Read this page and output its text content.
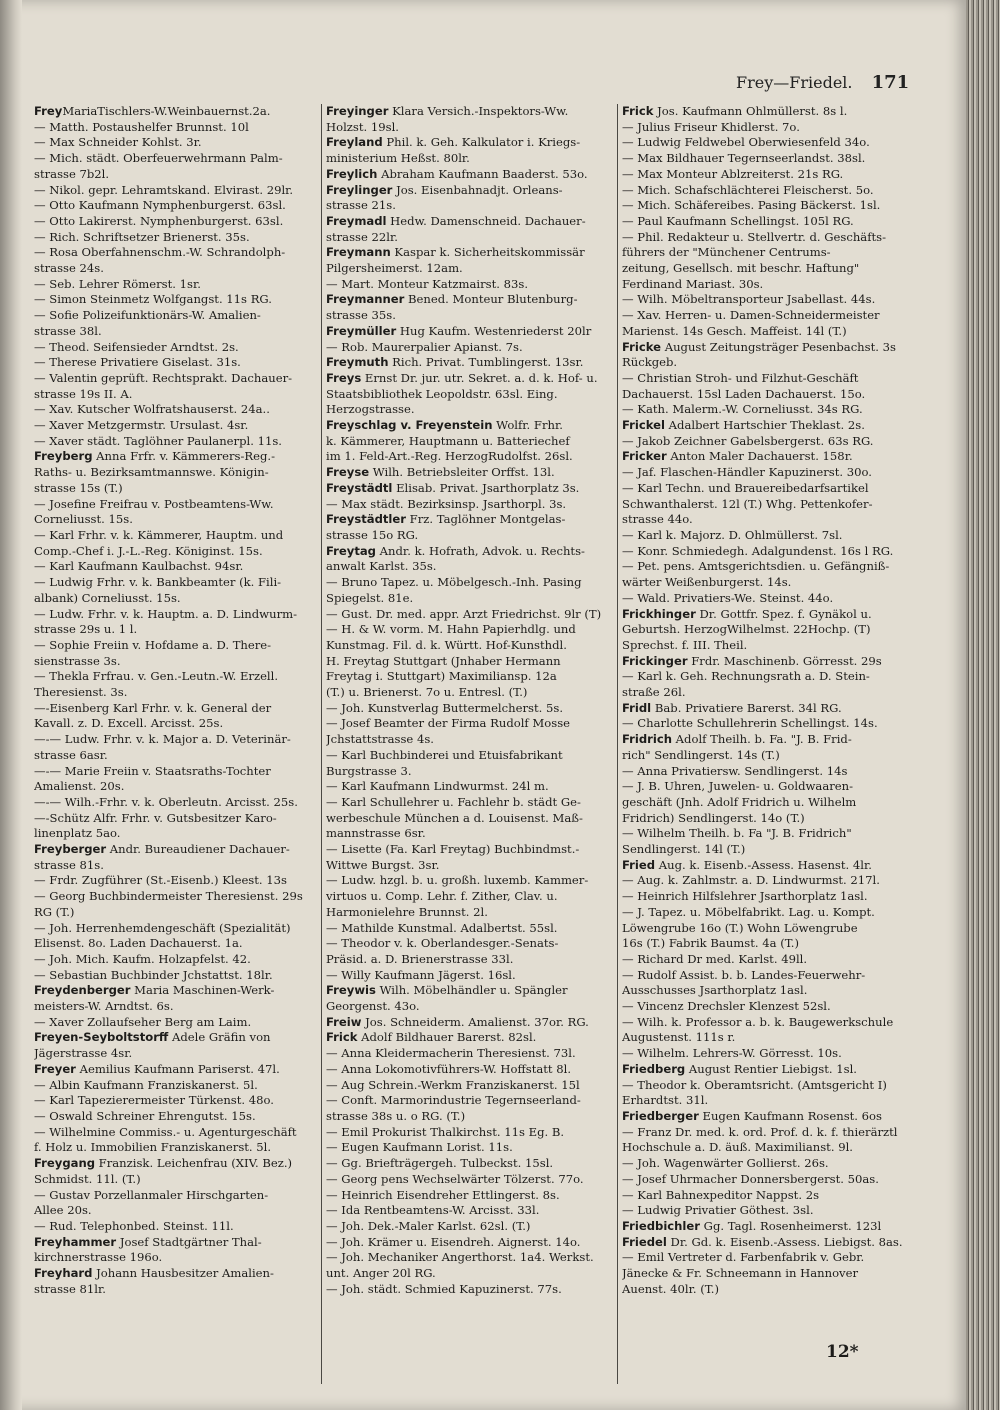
Frey—Friedel. 171
FreyMariaTischlers-W.Weinbauernst.2a.
— Matth. Postaushelfer Brunnst. 10l
— Max Schneider Kohlst. 3r.
— Mich. städt. Oberfeuerwehrmann Palm-
strasse 7b2l.
— Nikol. gepr. Lehramtskand. Elvirast. 29lr.
— Otto Kaufmann Nymphenburgerst. 63sl.
— Otto Lakirerst. Nymphenburgerst. 63sl.
— Rich. Schriftsetzer Brienerst. 35s.
— Rosa Oberfahnenschm.-W. Schrandolph-
strasse 24s.
— Seb. Lehrer Römerst. 1sr.
— Simon Steinmetz Wolfgangst. 11s RG.
— Sofie Polizeifunktionärs-W. Amalien-
strasse 38l.
— Theod. Seifensieder Arndtst. 2s.
— Therese Privatiere Giselast. 31s.
— Valentin geprüft. Rechtsprakt. Dachauer-
strasse 19s II. A.
— Xav. Kutscher Wolfratshauserst. 24a..
— Xaver Metzgermstr. Ursulast. 4sr.
— Xaver städt. Taglöhner Paulanerpl. 11s.
Freyberg Anna Frfr. v. Kämmerers-Reg.-
Raths- u. Bezirksamtmannswe. Königin-
strasse 15s (T.)
— Josefine Freifrau v. Postbeamtens-Ww.
Corneliusst. 15s.
— Karl Frhr. v. k. Kämmerer, Hauptm. und
Comp.-Chef i. J.-L.-Reg. Königinst. 15s.
— Karl Kaufmann Kaulbachst. 94sr.
— Ludwig Frhr. v. k. Bankbeamter (k. Fili-
albank) Corneliusst. 15s.
— Ludw. Frhr. v. k. Hauptm. a. D. Lindwurm-
strasse 29s u. 1 l.
— Sophie Freiin v. Hofdame a. D. There-
sienstrasse 3s.
— Thekla Frfrau. v. Gen.-Leutn.-W. Erzell.
Theresienst. 3s.
—-Eisenberg Karl Frhr. v. k. General der
Kavall. z. D. Excell. Arcisst. 25s.
—-— Ludw. Frhr. v. k. Major a. D. Veterinär-
strasse 6asr.
—-— Marie Freiin v. Staatsraths-Tochter
Amalienst. 20s.
—-— Wilh.-Frhr. v. k. Oberleutn. Arcisst. 25s.
—-Schütz Alfr. Frhr. v. Gutsbesitzer Karo-
linenplatz 5ao.
Freyberger Andr. Bureaudiener Dachauer-
strasse 81s.
— Frdr. Zugführer (St.-Eisenb.) Kleest. 13s
— Georg Buchbindermeister Theresienst. 29s
RG (T.)
— Joh. Herrenhemdengeschäft (Spezialität)
Elisenst. 8o. Laden Dachauerst. 1a.
— Joh. Mich. Kaufm. Holzapfelst. 42.
— Sebastian Buchbinder Jchstattst. 18lr.
Freydenberger Maria Maschinen-Werk-
meisters-W. Arndtst. 6s.
— Xaver Zollaufseher Berg am Laim.
Freyen-Seyboltstorff Adele Gräfin von
Jägerstrasse 4sr.
Freyer Aemilius Kaufmann Pariserst. 47l.
— Albin Kaufmann Franziskanerst. 5l.
— Karl Tapezierermeister Türkenst. 48o.
— Oswald Schreiner Ehrengutst. 15s.
— Wilhelmine Commiss.- u. Agenturgeschäft
f. Holz u. Immobilien Franziskanerst. 5l.
Freygang Franzisk. Leichenfrau (XIV. Bez.)
Schmidst. 11l. (T.)
— Gustav Porzellanmaler Hirschgarten-
Allee 20s.
— Rud. Telephonbed. Steinst. 11l.
Freyhammer Josef Stadtgärtner Thal-
kirchnerstrasse 196o.
Freyhard Johann Hausbesitzer Amalien-
strasse 81lr.
Freyinger Klara Versich.-Inspektors-Ww.
Holzst. 19sl.
Freyland Phil. k. Geh. Kalkulator i. Kriegs-
ministerium Heßst. 80lr.
Freylich Abraham Kaufmann Baaderst. 53o.
Freylinger Jos. Eisenbahnadjt. Orleans-
strasse 21s.
Freymadl Hedw. Damenschneid. Dachauer-
strasse 22lr.
Freymann Kaspar k. Sicherheitskommissär
Pilgersheimerst. 12am.
— Mart. Monteur Katzmairst. 83s.
Freymanner Bened. Monteur Blutenburg-
strasse 35s.
Freymüller Hug Kaufm. Westenriederst 20lr
— Rob. Maurerpalier Apianst. 7s.
Freymuth Rich. Privat. Tumblingerst. 13sr.
Freys Ernst Dr. jur. utr. Sekret. a. d. k. Hof- u.
Staatsbibliothek Leopoldstr. 63sl. Eing.
Herzogstrasse.
Freyschlag v. Freyenstein Wolfr. Frhr.
k. Kämmerer, Hauptmann u. Batteriechef
im 1. Feld-Art.-Reg. HerzogRudolfst. 26sl.
Freyse Wilh. Betriebsleiter Orffst. 13l.
Freystädtl Elisab. Privat. Jsarthorplatz 3s.
— Max städt. Bezirksinsp. Jsarthorpl. 3s.
Freystädtler Frz. Taglöhner Montgelas-
strasse 15o RG.
Freytag Andr. k. Hofrath, Advok. u. Rechts-
anwalt Karlst. 35s.
— Bruno Tapez. u. Möbelgesch.-Inh. Pasing
Spiegelst. 81e.
— Gust. Dr. med. appr. Arzt Friedrichst. 9lr (T)
— H. & W. vorm. M. Hahn Papierhdlg. und
Kunstmag. Fil. d. k. Württ. Hof-Kunsthdl.
H. Freytag Stuttgart (Jnhaber Hermann
Freytag i. Stuttgart) Maximiliansp. 12a
(T.) u. Brienerst. 7o u. Entresl. (T.)
— Joh. Kunstverlag Buttermelcherst. 5s.
— Josef Beamter der Firma Rudolf Mosse
Jchstattstrasse 4s.
— Karl Buchbinderei und Etuisfabrikant
Burgstrasse 3.
— Karl Kaufmann Lindwurmst. 24l m.
— Karl Schullehrer u. Fachlehr b. städt Ge-
werbeschule München a d. Louisenst. Maß-
mannstrasse 6sr.
— Lisette (Fa. Karl Freytag) Buchbindmst.-
Wittwe Burgst. 3sr.
— Ludw. hzgl. b. u. großh. luxemb. Kammer-
virtuos u. Comp. Lehr. f. Zither, Clav. u.
Harmonielehre Brunnst. 2l.
— Mathilde Kunstmal. Adalbertst. 55sl.
— Theodor v. k. Oberlandesger.-Senats-
Präsid. a. D. Brienerstrasse 33l.
— Willy Kaufmann Jägerst. 16sl.
Freywis Wilh. Möbelhändler u. Spängler
Georgenst. 43o.
Freiw Jos. Schneiderm. Amalienst. 37or. RG.
Frick Adolf Bildhauer Barerst. 82sl.
— Anna Kleidermacherin Theresienst. 73l.
— Anna Lokomotivführers-W. Hoffstatt 8l.
— Aug Schrein.-Werkm Franziskanerst. 15l
— Conft. Marmorindustrie Tegernseerland-
strasse 38s u. o RG. (T.)
— Emil Prokurist Thalkirchst. 11s Eg. B.
— Eugen Kaufmann Lorist. 11s.
— Gg. Briefträgergeh. Tulbeckst. 15sl.
— Georg pens Wechselwärter Tölzerst. 77o.
— Heinrich Eisendreher Ettlingerst. 8s.
— Ida Rentbeamtens-W. Arcisst. 33l.
— Joh. Dek.-Maler Karlst. 62sl. (T.)
— Joh. Krämer u. Eisendreh. Aignerst. 14o.
— Joh. Mechaniker Angerthorst. 1a4. Werkst.
unt. Anger 20l RG.
— Joh. städt. Schmied Kapuzinerst. 77s.
Frick Jos. Kaufmann Ohlmüllerst. 8s l.
— Julius Friseur Khidlerst. 7o.
— Ludwig Feldwebel Oberwiesenfeld 34o.
— Max Bildhauer Tegernseerlandst. 38sl.
— Max Monteur Ablzreiterst. 21s RG.
— Mich. Schafschlächterei Fleischerst. 5o.
— Mich. Schäfereibes. Pasing Bäckerst. 1sl.
— Paul Kaufmann Schellingst. 105l RG.
— Phil. Redakteur u. Stellvertr. d. Geschäfts-
führers der "Münchener Centrums-
zeitung, Gesellsch. mit beschr. Haftung"
Ferdinand Mariast. 30s.
— Wilh. Möbeltransporteur Jsabellast. 44s.
— Xav. Herren- u. Damen-Schneidermeister
Marienst. 14s Gesch. Maffeist. 14l (T.)
Fricke August Zeitungsträger Pesenbachst. 3s
Rückgeb.
— Christian Stroh- und Filzhut-Geschäft
Dachauerst. 15sl Laden Dachauerst. 15o.
— Kath. Malerm.-W. Corneliusst. 34s RG.
Frickel Adalbert Hartschier Theklast. 2s.
— Jakob Zeichner Gabelsbergerst. 63s RG.
Fricker Anton Maler Dachauerst. 158r.
— Jaf. Flaschen-Händler Kapuzinerst. 30o.
— Karl Techn. und Brauereibedarfsartikel
Schwanthalerst. 12l (T.) Whg. Pettenkofer-
strasse 44o.
— Karl k. Majorz. D. Ohlmüllerst. 7sl.
— Konr. Schmiedegh. Adalgundenst. 16s l RG.
— Pet. pens. Amtsgerichtsdien. u. Gefängniß-
wärter Weißenburgerst. 14s.
— Wald. Privatiers-We. Steinst. 44o.
Frickhinger Dr. Gottfr. Spez. f. Gynäkol u.
Geburtsh. HerzogWilhelmst. 22Hochp. (T)
Sprechst. f. III. Theil.
Frickinger Frdr. Maschinenb. Görresst. 29s
— Karl k. Geh. Rechnungsrath a. D. Stein-
straße 26l.
Fridl Bab. Privatiere Barerst. 34l RG.
— Charlotte Schullehrerin Schellingst. 14s.
Fridrich Adolf Theilh. b. Fa. "J. B. Frid-
rich" Sendlingerst. 14s (T.)
— Anna Privatiersw. Sendlingerst. 14s
— J. B. Uhren, Juwelen- u. Goldwaaren-
geschäft (Jnh. Adolf Fridrich u. Wilhelm
Fridrich) Sendlingerst. 14o (T.)
— Wilhelm Theilh. b. Fa "J. B. Fridrich"
Sendlingerst. 14l (T.)
Fried Aug. k. Eisenb.-Assess. Hasenst. 4lr.
— Aug. k. Zahlmstr. a. D. Lindwurmst. 217l.
— Heinrich Hilfslehrer Jsarthorplatz 1asl.
— J. Tapez. u. Möbelfabrikt. Lag. u. Kompt.
Löwengrube 16o (T.) Wohn Löwengrube
16s (T.) Fabrik Baumst. 4a (T.)
— Richard Dr med. Karlst. 49ll.
— Rudolf Assist. b. b. Landes-Feuerwehr-
Ausschusses Jsarthorplatz 1asl.
— Vincenz Drechsler Klenzest 52sl.
— Wilh. k. Professor a. b. k. Baugewerkschule
Augustenst. 111s r.
— Wilhelm. Lehrers-W. Görresst. 10s.
Friedberg August Rentier Liebigst. 1sl.
— Theodor k. Oberamtsricht. (Amtsgericht I)
Erhardtst. 31l.
Friedberger Eugen Kaufmann Rosenst. 6os
— Franz Dr. med. k. ord. Prof. d. k. f. thierärztl
Hochschule a. D. äuß. Maximilianst. 9l.
— Joh. Wagenwärter Gollierst. 26s.
— Josef Uhrmacher Donnersbergerst. 50as.
— Karl Bahnexpeditor Nappst. 2s
— Ludwig Privatier Göthest. 3sl.
Friedbichler Gg. Tagl. Rosenheimerst. 123l
Friedel Dr. Gd. k. Eisenb.-Assess. Liebigst. 8as.
— Emil Vertreter d. Farbenfabrik v. Gebr.
Jänecke & Fr. Schneemann in Hannover
Auenst. 40lr. (T.)
12*
